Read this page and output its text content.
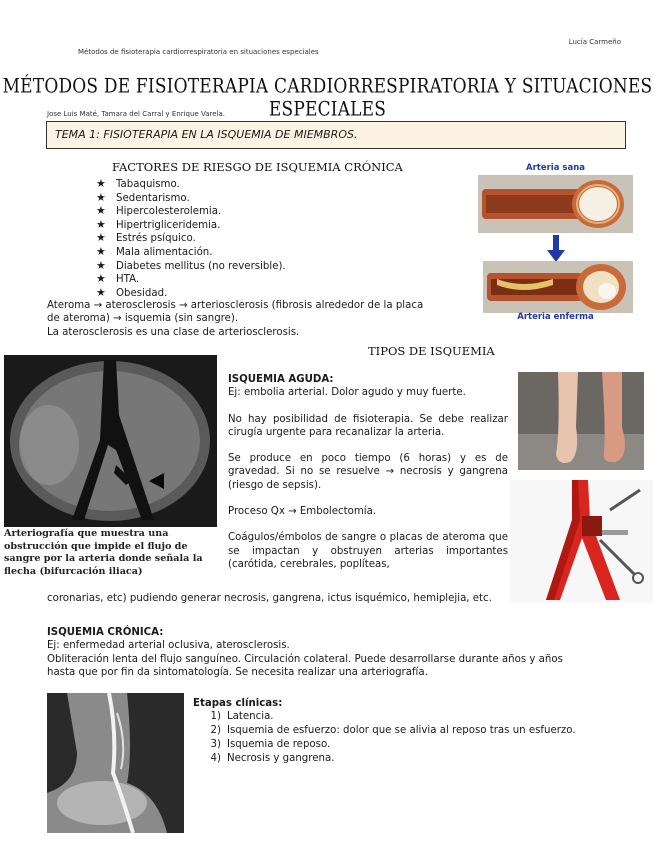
Lucía Carmeño
Métodos de fisioterapia cardiorrespiratoria en situaciones especiales
MÉTODOS DE FISIOTERAPIA CARDIORRESPIRATORIA Y SITUACIONES ESPECIALES
Jose Luis Maté, Tamara del Carral y Enrique Varela.
TEMA 1: FISIOTERAPIA EN LA ISQUEMIA DE MIEMBROS.
FACTORES DE RIESGO DE ISQUEMIA CRÓNICA
★ Tabaquismo.
★ Sedentarismo.
★ Hipercolesterolemia.
★ Hipertrigliceridemia.
★ Estrés psíquico.
★ Mala alimentación.
★ Diabetes mellitus (no reversible).
★ HTA.
★ Obesidad.
Ateroma → aterosclerosis → arteriosclerosis (fibrosis alrededor de la placa
de ateroma) → isquemia (sin sangre).
La aterosclerosis es una clase de arteriosclerosis.
Arteria sana
Arteria enferma
TIPOS DE ISQUEMIA
Arteriografía que muestra una obstrucción que impide el flujo de sangre por la arteria donde señala la flecha (bifurcación iliaca)
ISQUEMIA AGUDA:
Ej: embolia arterial. Dolor agudo y muy fuerte.
No hay posibilidad de fisioterapia. Se debe realizar cirugía urgente para recanalizar la arteria.
Se produce en poco tiempo (6 horas) y es de gravedad. Si no se resuelve → necrosis y gangrena (riesgo de sepsis).
Proceso Qx → Embolectomía.
Coágulos/émbolos de sangre o placas de ateroma que se impactan y obstruyen arterias importantes (carótida, cerebrales, poplíteas,
coronarias, etc) pudiendo generar necrosis, gangrena, ictus isquémico, hemiplejia, etc.
ISQUEMIA CRÓNICA:
Ej: enfermedad arterial oclusiva, aterosclerosis.
Obliteración lenta del flujo sanguíneo. Circulación colateral. Puede desarrollarse durante años y años
hasta que por fin da sintomatología. Se necesita realizar una arteriografía.
Etapas clínicas:
1) Latencia.
2) Isquemia de esfuerzo: dolor que se alivia al reposo tras un esfuerzo.
3) Isquemia de reposo.
4) Necrosis y gangrena.
